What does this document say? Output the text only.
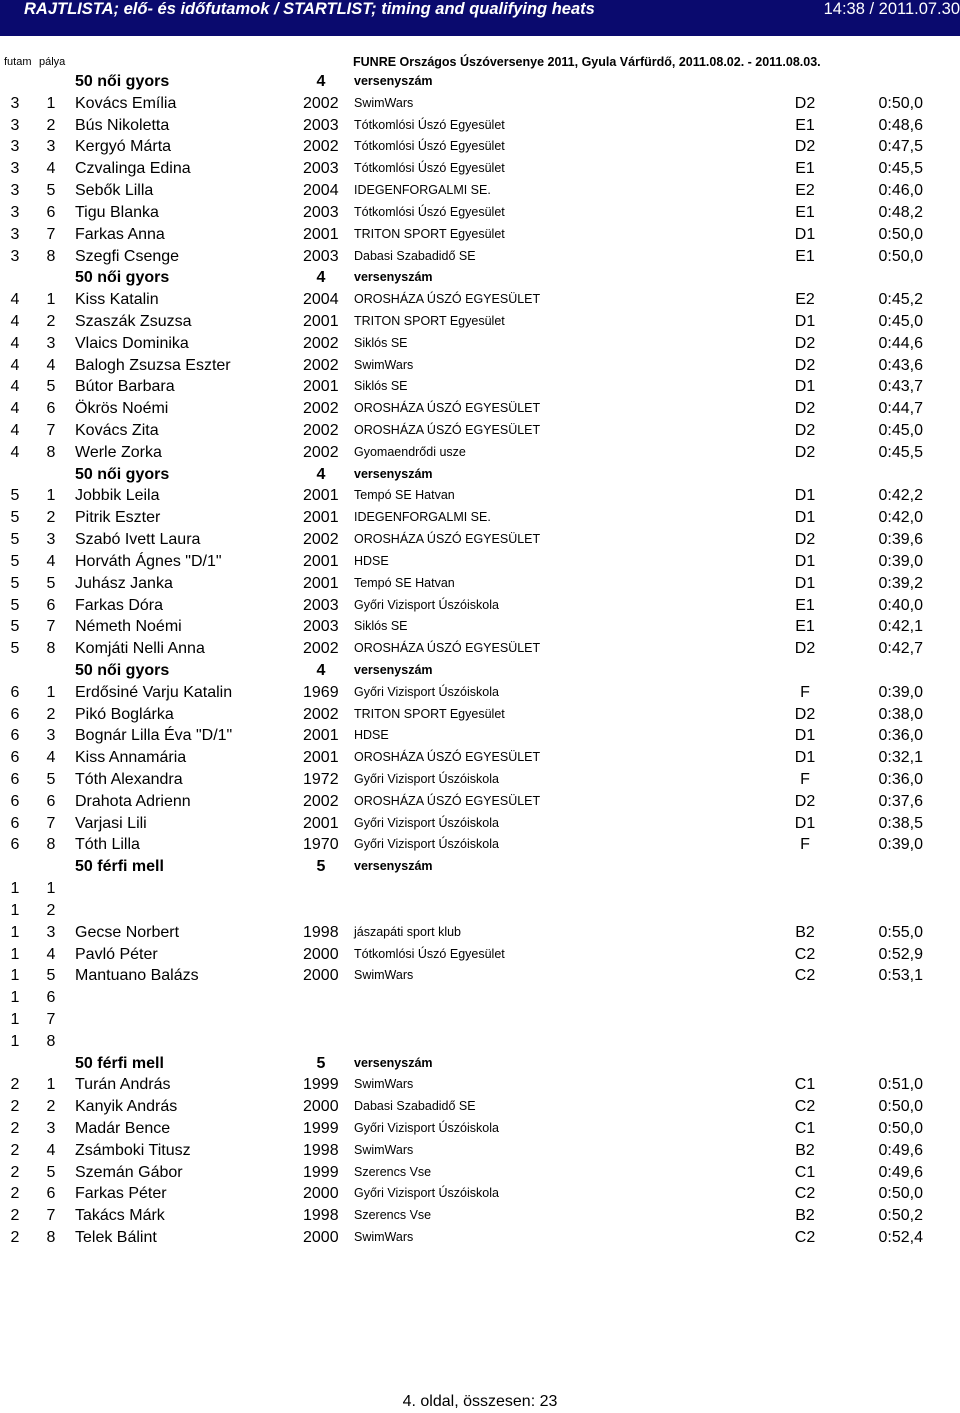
RAJTLISTA; elő- és időfutamok / STARTLIST; timing and qualifying heats	14:38 / 2011.07.30
futam pálya	FUNRE Országos Úszóversenye 2011, Gyula Várfürdő, 2011.08.02. - 2011.08.03.
50 női gyors	4	versenyszám
3 1 Kovács Emília	2002 SwimWars	D2	0:50,0
3 2 Bús Nikoletta	2003 Tótkomlósi Úszó Egyesület	E1	0:48,6
3 3 Kergyó Márta	2002 Tótkomlósi Úszó Egyesület	D2	0:47,5
3 4 Czvalinga Edina	2003 Tótkomlósi Úszó Egyesület	E1	0:45,5
3 5 Sebők Lilla	2004 IDEGENFORGALMI SE.	E2	0:46,0
3 6 Tigu Blanka	2003 Tótkomlósi Úszó Egyesület	E1	0:48,2
3 7 Farkas Anna	2001 TRITON SPORT Egyesület	D1	0:50,0
3 8 Szegfi Csenge	2003 Dabasi Szabadidő SE	E1	0:50,0
50 női gyors	4	versenyszám
4 1 Kiss Katalin	2004 OROSHÁZA ÚSZÓ EGYESÜLET	E2	0:45,2
4 2 Szaszák Zsuzsa	2001 TRITON SPORT Egyesület	D1	0:45,0
4 3 Vlaics Dominika	2002 Siklós SE	D2	0:44,6
4 4 Balogh Zsuzsa Eszter	2002 SwimWars	D2	0:43,6
4 5 Bútor Barbara	2001 Siklós SE	D1	0:43,7
4 6 Ökrös Noémi	2002 OROSHÁZA ÚSZÓ EGYESÜLET	D2	0:44,7
4 7 Kovács Zita	2002 OROSHÁZA ÚSZÓ EGYESÜLET	D2	0:45,0
4 8 Werle Zorka	2002 Gyomaendrődi usze	D2	0:45,5
50 női gyors	4	versenyszám
5 1 Jobbik Leila	2001 Tempó SE Hatvan	D1	0:42,2
5 2 Pitrik Eszter	2001 IDEGENFORGALMI SE.	D1	0:42,0
5 3 Szabó Ivett Laura	2002 OROSHÁZA ÚSZÓ EGYESÜLET	D2	0:39,6
5 4 Horváth Ágnes "D/1"	2001 HDSE	D1	0:39,0
5 5 Juhász Janka	2001 Tempó SE Hatvan	D1	0:39,2
5 6 Farkas Dóra	2003 Győri Vizisport Úszóiskola	E1	0:40,0
5 7 Németh Noémi	2003 Siklós SE	E1	0:42,1
5 8 Komjáti Nelli Anna	2002 OROSHÁZA ÚSZÓ EGYESÜLET	D2	0:42,7
50 női gyors	4	versenyszám
6 1 Erdősiné Varju Katalin	1969 Győri Vizisport Úszóiskola	F	0:39,0
6 2 Pikó Boglárka	2002 TRITON SPORT Egyesület	D2	0:38,0
6 3 Bognár Lilla Éva "D/1"	2001 HDSE	D1	0:36,0
6 4 Kiss Annamária	2001 OROSHÁZA ÚSZÓ EGYESÜLET	D1	0:32,1
6 5 Tóth Alexandra	1972 Győri Vizisport Úszóiskola	F	0:36,0
6 6 Drahota Adrienn	2002 OROSHÁZA ÚSZÓ EGYESÜLET	D2	0:37,6
6 7 Varjasi Lili	2001 Győri Vizisport Úszóiskola	D1	0:38,5
6 8 Tóth Lilla	1970 Győri Vizisport Úszóiskola	F	0:39,0
50 férfi mell	5	versenyszám
1 1
1 2
1 3 Gecse Norbert	1998 jászapáti sport klub	B2	0:55,0
1 4 Pavló Péter	2000 Tótkomlósi Úszó Egyesület	C2	0:52,9
1 5 Mantuano Balázs	2000 SwimWars	C2	0:53,1
1 6
1 7
1 8
50 férfi mell	5	versenyszám
2 1 Turán András	1999 SwimWars	C1	0:51,0
2 2 Kanyik András	2000 Dabasi Szabadidő SE	C2	0:50,0
2 3 Madár Bence	1999 Győri Vizisport Úszóiskola	C1	0:50,0
2 4 Zsámboki Titusz	1998 SwimWars	B2	0:49,6
2 5 Szemán Gábor	1999 Szerencs Vse	C1	0:49,6
2 6 Farkas Péter	2000 Győri Vizisport Úszóiskola	C2	0:50,0
2 7 Takács Márk	1998 Szerencs Vse	B2	0:50,2
2 8 Telek Bálint	2000 SwimWars	C2	0:52,4
4. oldal, összesen: 23
